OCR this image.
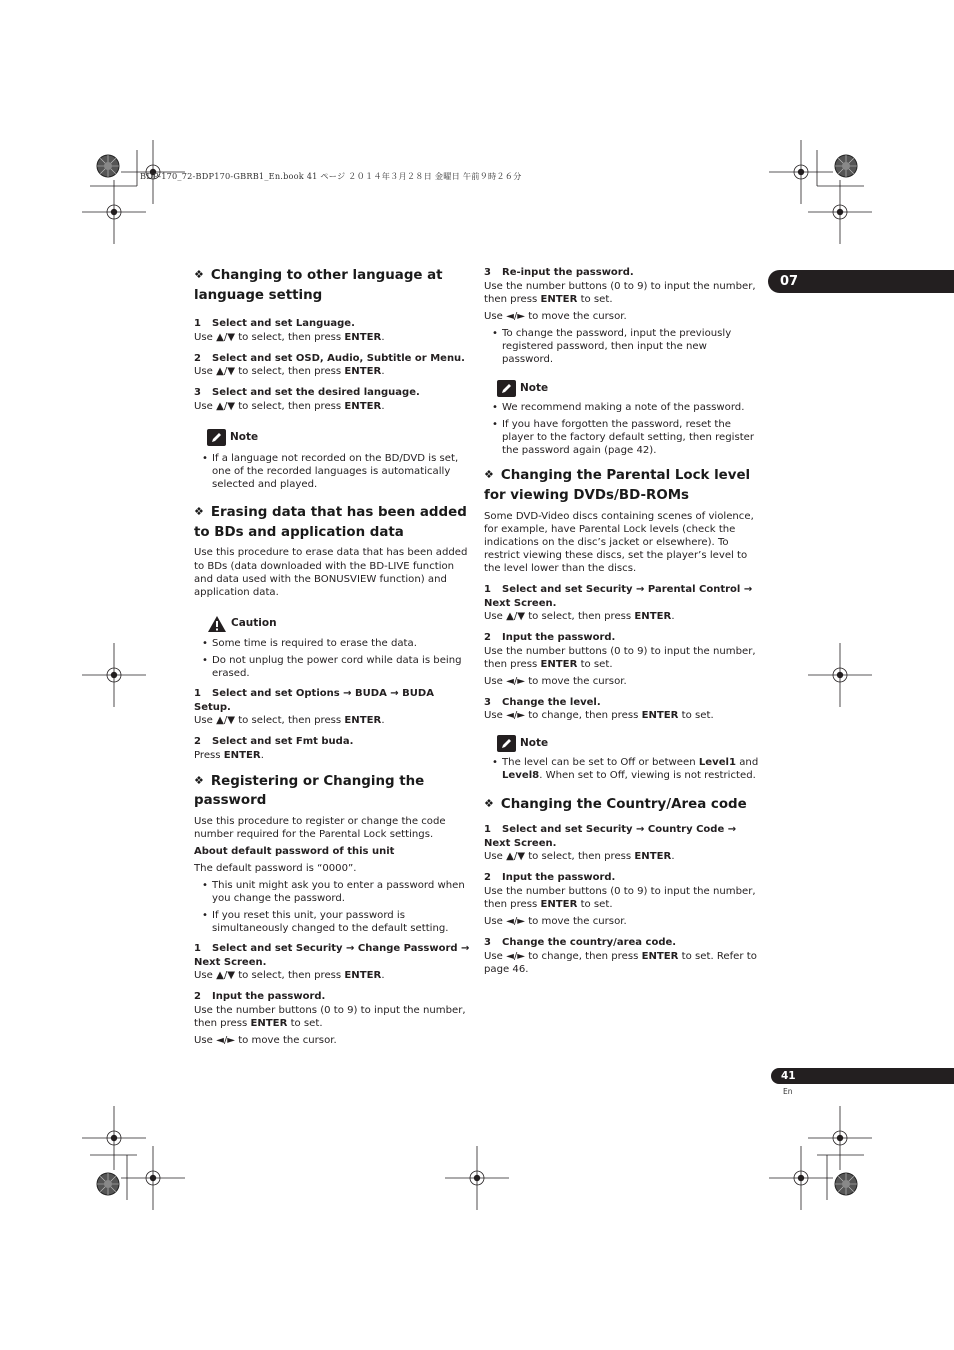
BDP-170_72-BDP170-GBRB1_En.book 41 ページ ２０１４年３月２８日 金曜日 午前９時２６分
07
41
En

❖ Changing to other language at language setting

1 Select and set Language.

Use ▲/▼ to select, then press ENTER.

2 Select and set OSD, Audio, Subtitle or Menu.

Use ▲/▼ to select, then press ENTER.

3 Select and set the desired language.

Use ▲/▼ to select, then press ENTER.

Note

• If a language not recorded on the BD/DVD is set, one of the recorded languages is automatically selected and played.

❖ Erasing data that has been added to BDs and application data

Use this procedure to erase data that has been added to BDs (data downloaded with the BD-LIVE function and data used with the BONUSVIEW function) and application data.

Caution

• Some time is required to erase the data.

• Do not unplug the power cord while data is being erased.

1 Select and set Options → BUDA → BUDA Setup.

Use ▲/▼ to select, then press ENTER.

2 Select and set Fmt buda.

Press ENTER.

❖ Registering or Changing the password

Use this procedure to register or change the code number required for the Parental Lock settings.

About default password of this unit

The default password is “0000”.

• This unit might ask you to enter a password when you change the password.

• If you reset this unit, your password is simultaneously changed to the default setting.

1 Select and set Security → Change Password → Next Screen.

Use ▲/▼ to select, then press ENTER.

2 Input the password.

Use the number buttons (0 to 9) to input the number, then press ENTER to set.

Use ◄/► to move the cursor.

3 Re-input the password.

Use the number buttons (0 to 9) to input the number, then press ENTER to set.

Use ◄/► to move the cursor.

• To change the password, input the previously registered password, then input the new password.

Note

• We recommend making a note of the password.

• If you have forgotten the password, reset the player to the factory default setting, then register the password again (page 42).

❖ Changing the Parental Lock level for viewing DVDs/BD-ROMs

Some DVD-Video discs containing scenes of violence, for example, have Parental Lock levels (check the indications on the disc’s jacket or elsewhere). To restrict viewing these discs, set the player’s level to the level lower than the discs.

1 Select and set Security → Parental Control → Next Screen.

Use ▲/▼ to select, then press ENTER.

2 Input the password.

Use the number buttons (0 to 9) to input the number, then press ENTER to set.

Use ◄/► to move the cursor.

3 Change the level.

Use ◄/► to change, then press ENTER to set.

Note

• The level can be set to Off or between Level1 and Level8. When set to Off, viewing is not restricted.

❖ Changing the Country/Area code

1 Select and set Security → Country Code → Next Screen.

Use ▲/▼ to select, then press ENTER.

2 Input the password.

Use the number buttons (0 to 9) to input the number, then press ENTER to set.

Use ◄/► to move the cursor.

3 Change the country/area code.

Use ◄/► to change, then press ENTER to set. Refer to page 46.
